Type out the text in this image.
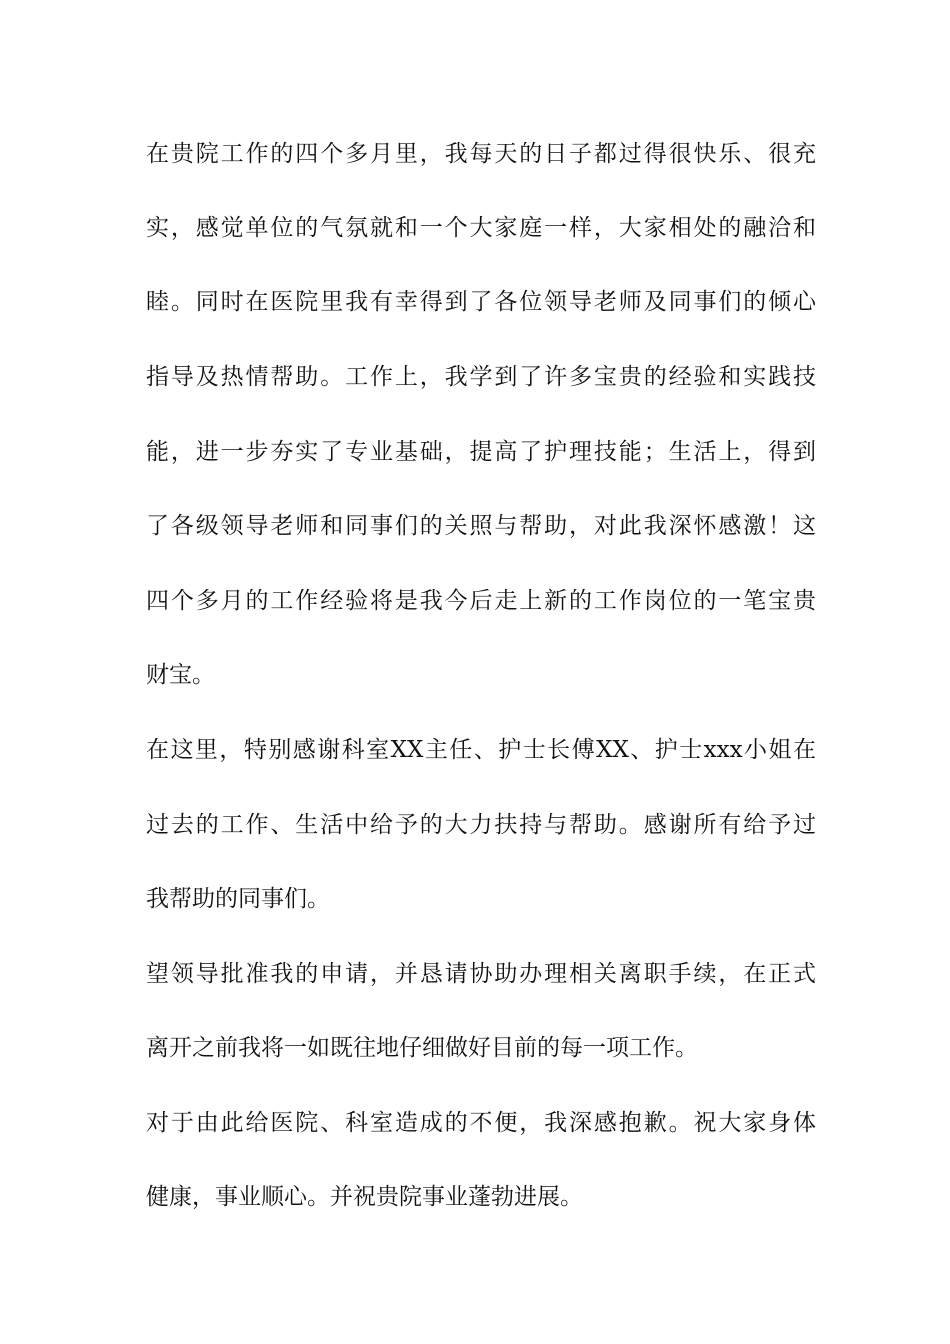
在贵院工作的四个多月里，我每天的日子都过得很快乐、很充
实，感觉单位的气氛就和一个大家庭一样，大家相处的融洽和
睦。同时在医院里我有幸得到了各位领导老师及同事们的倾心
指导及热情帮助。工作上，我学到了许多宝贵的经验和实践技
能，进一步夯实了专业基础，提高了护理技能；生活上，得到
了各级领导老师和同事们的关照与帮助，对此我深怀感激！这
四个多月的工作经验将是我今后走上新的工作岗位的一笔宝贵
财宝。
在这里，特别感谢科室XX主任、护士长傅XX、护士xxx小姐在
过去的工作、生活中给予的大力扶持与帮助。感谢所有给予过
我帮助的同事们。
望领导批准我的申请，并恳请协助办理相关离职手续，在正式
离开之前我将一如既往地仔细做好目前的每一项工作。
对于由此给医院、科室造成的不便，我深感抱歉。祝大家身体
健康，事业顺心。并祝贵院事业蓬勃进展。
